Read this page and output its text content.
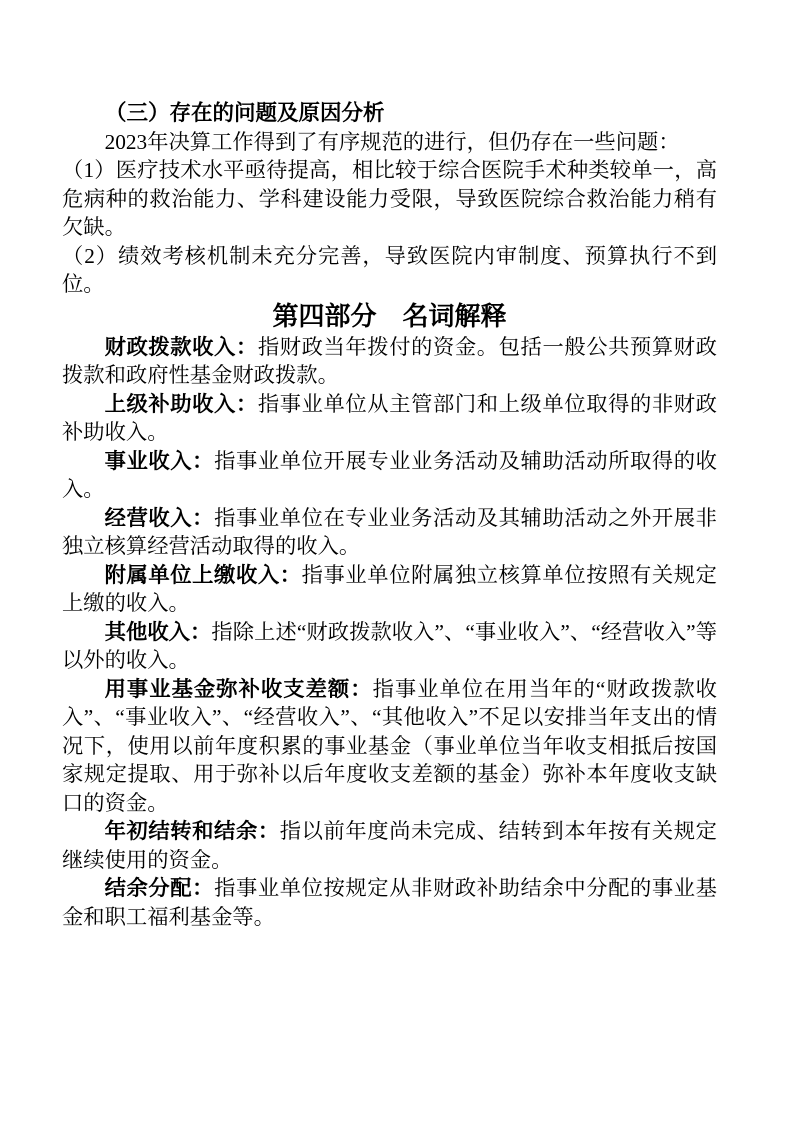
（三）存在的问题及原因分析

2023年决算工作得到了有序规范的进行，但仍存在一些问题：

（1）医疗技术水平亟待提高，相比较于综合医院手术种类较单一，高危病种的救治能力、学科建设能力受限，导致医院综合救治能力稍有欠缺。

（2）绩效考核机制未充分完善，导致医院内审制度、预算执行不到位。

第四部分　名词解释

财政拨款收入：指财政当年拨付的资金。包括一般公共预算财政拨款和政府性基金财政拨款。

上级补助收入：指事业单位从主管部门和上级单位取得的非财政补助收入。

事业收入：指事业单位开展专业业务活动及辅助活动所取得的收入。

经营收入：指事业单位在专业业务活动及其辅助活动之外开展非独立核算经营活动取得的收入。

附属单位上缴收入：指事业单位附属独立核算单位按照有关规定上缴的收入。

其他收入：指除上述“财政拨款收入”、“事业收入”、“经营收入”等以外的收入。

用事业基金弥补收支差额：指事业单位在用当年的“财政拨款收入”、“事业收入”、“经营收入”、“其他收入”不足以安排当年支出的情况下，使用以前年度积累的事业基金（事业单位当年收支相抵后按国家规定提取、用于弥补以后年度收支差额的基金）弥补本年度收支缺口的资金。

年初结转和结余：指以前年度尚未完成、结转到本年按有关规定继续使用的资金。

结余分配：指事业单位按规定从非财政补助结余中分配的事业基金和职工福利基金等。
